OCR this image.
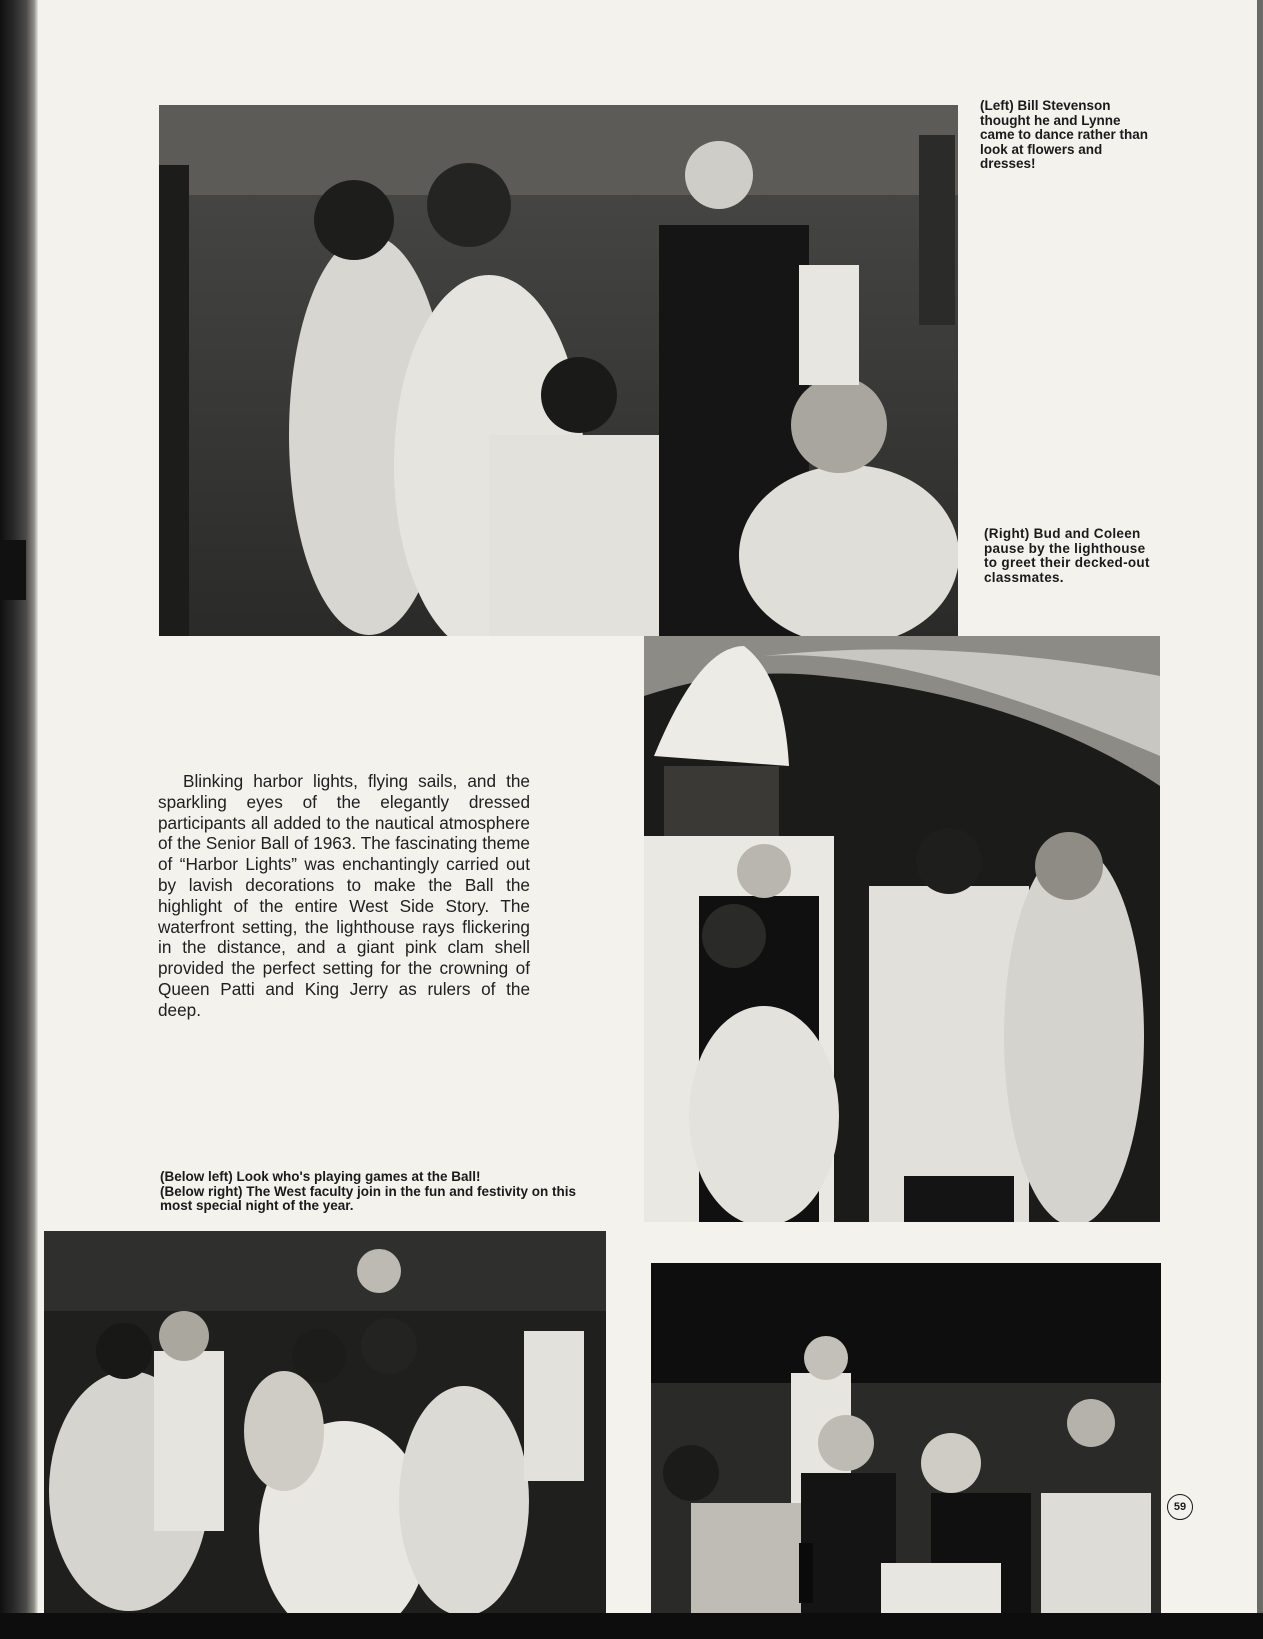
(Left) Bill Stevenson thought he and Lynne came to dance rather than look at flowers and dresses!
(Right) Bud and Coleen pause by the lighthouse to greet their decked-out classmates.
Blinking harbor lights, flying sails, and the sparkling eyes of the elegantly dressed participants all added to the nautical atmosphere of the Senior Ball of 1963. The fascinating theme of “Harbor Lights” was enchantingly carried out by lavish decorations to make the Ball the highlight of the entire West Side Story. The waterfront setting, the lighthouse rays flickering in the distance, and a giant pink clam shell provided the perfect setting for the crowning of Queen Patti and King Jerry as rulers of the deep.
(Below left) Look who's playing games at the Ball!
(Below right) The West faculty join in the fun and festivity on this most special night of the year.
59
